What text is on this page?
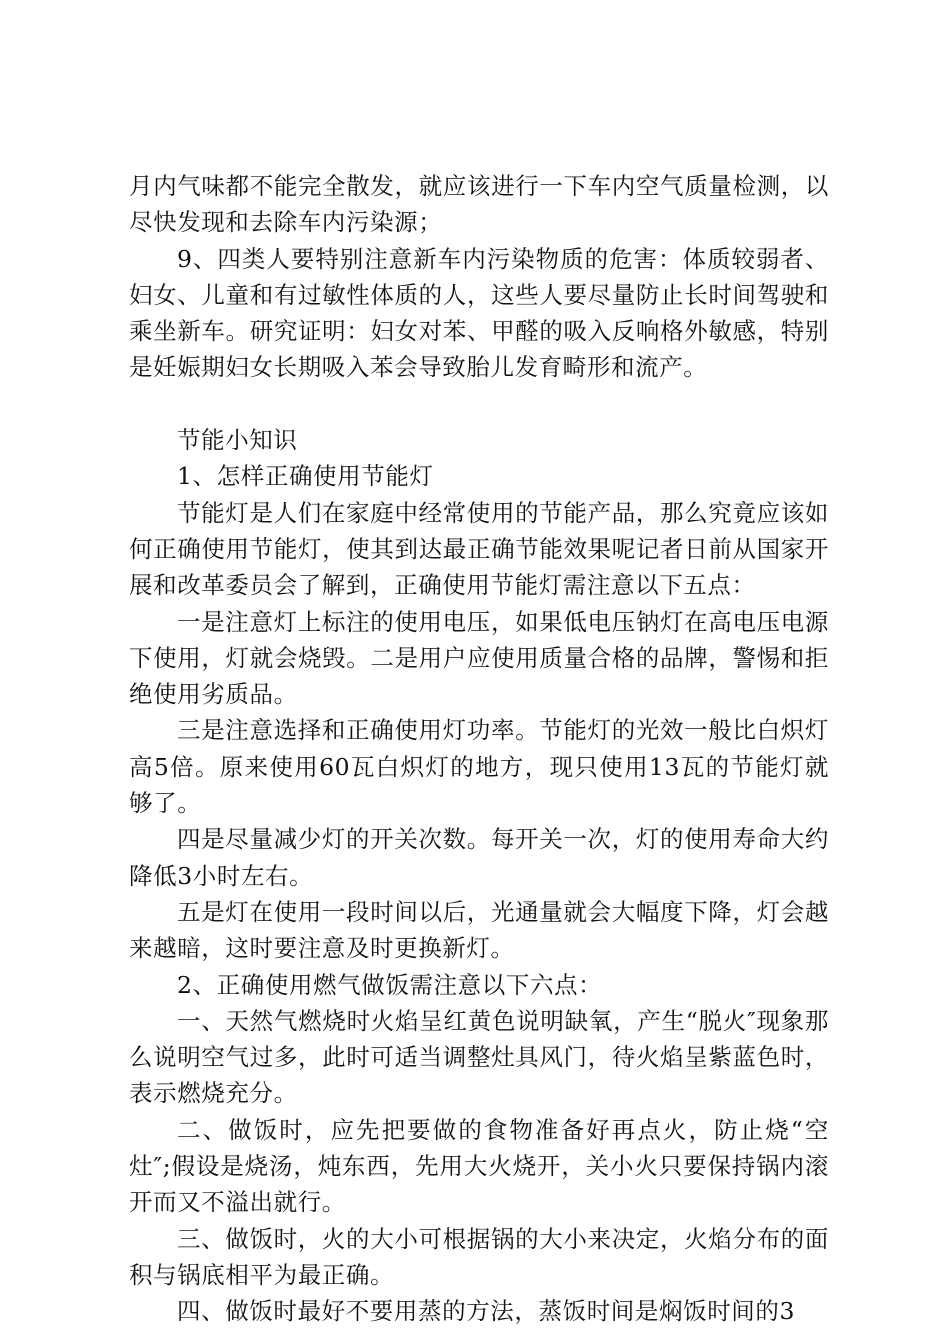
月内气味都不能完全散发，就应该进行一下车内空气质量检测，以尽快发现和去除车内污染源；

9、四类人要特别注意新车内污染物质的危害：体质较弱者、妇女、儿童和有过敏性体质的人，这些人要尽量防止长时间驾驶和乘坐新车。研究证明：妇女对苯、甲醛的吸入反响格外敏感，特别是妊娠期妇女长期吸入苯会导致胎儿发育畸形和流产。

节能小知识

1、怎样正确使用节能灯

节能灯是人们在家庭中经常使用的节能产品，那么究竟应该如何正确使用节能灯，使其到达最正确节能效果呢记者日前从国家开展和改革委员会了解到，正确使用节能灯需注意以下五点：

一是注意灯上标注的使用电压，如果低电压钠灯在高电压电源下使用，灯就会烧毁。二是用户应使用质量合格的品牌，警惕和拒绝使用劣质品。

三是注意选择和正确使用灯功率。节能灯的光效一般比白炽灯高5倍。原来使用60瓦白炽灯的地方，现只使用13瓦的节能灯就够了。

四是尽量减少灯的开关次数。每开关一次，灯的使用寿命大约降低3小时左右。

五是灯在使用一段时间以后，光通量就会大幅度下降，灯会越来越暗，这时要注意及时更换新灯。

2、正确使用燃气做饭需注意以下六点：

一、天然气燃烧时火焰呈红黄色说明缺氧，产生“脱火″现象那么说明空气过多，此时可适当调整灶具风门，待火焰呈紫蓝色时，表示燃烧充分。

二、做饭时，应先把要做的食物准备好再点火，防止烧“空灶″;假设是烧汤，炖东西，先用大火烧开，关小火只要保持锅内滚开而又不溢出就行。

三、做饭时，火的大小可根据锅的大小来决定，火焰分布的面积与锅底相平为最正确。

四、做饭时最好不要用蒸的方法，蒸饭时间是焖饭时间的3
